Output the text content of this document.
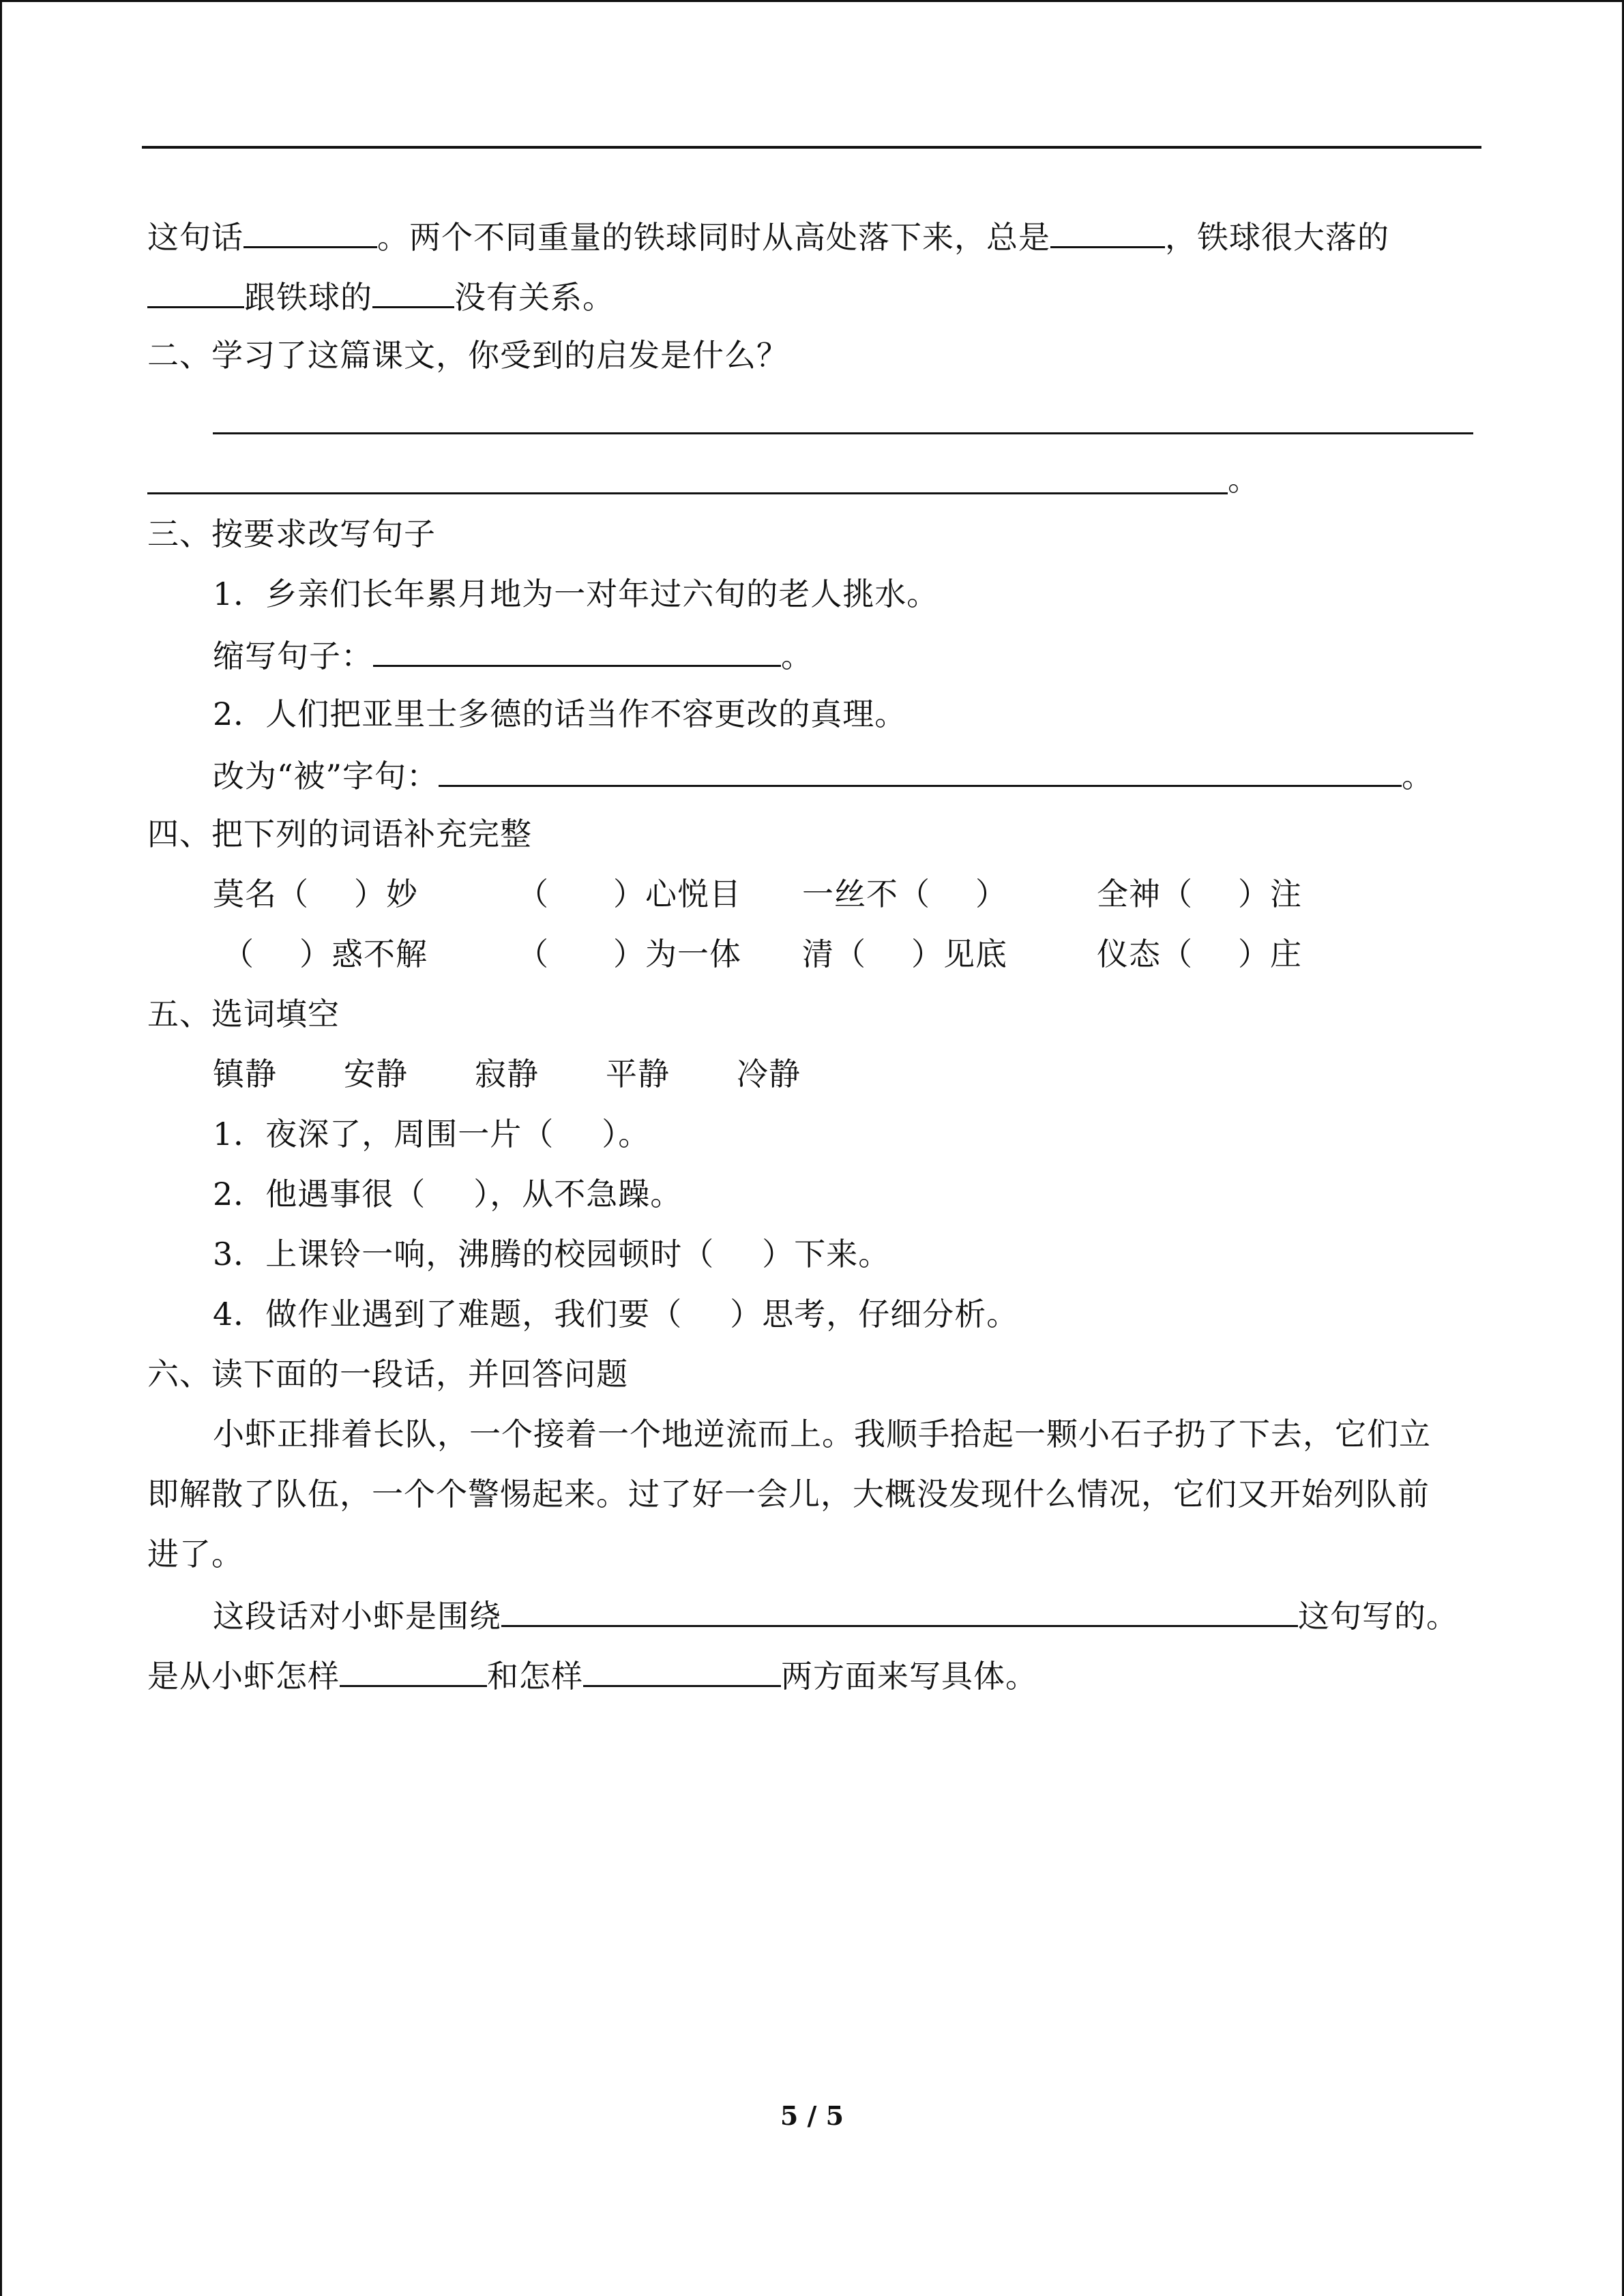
这句话	。两个不同重量的铁球同时从高处落下来，总是	，铁球很大落的
跟铁球的	没有关系。
二、学习了这篇课文，你受到的启发是什么？
。
三、按要求改写句子
1．乡亲们长年累月地为一对年过六旬的老人挑水。
缩写句子：	。
2．人们把亚里士多德的话当作不容更改的真理。
改为“被”字句：	。
四、把下列的词语补充完整
莫名（ ）妙	（ ）心悦目 一丝不（ ）	全神（ ）注
（ ）惑不解	（ ）为一体 清（ ）见底	仪态（ ）庄
五、选词填空
镇静 安静 寂静 平静 冷静
1．夜深了，周围一片（ ）。
2．他遇事很（ ），从不急躁。
3．上课铃一响，沸腾的校园顿时（ ）下来。
4．做作业遇到了难题，我们要（ ）思考，仔细分析。
六、读下面的一段话，并回答问题
小虾正排着长队，一个接着一个地逆流而上。我顺手拾起一颗小石子扔了下去，它们立
即解散了队伍，一个个警惕起来。过了好一会儿，大概没发现什么情况，它们又开始列队前
进了。
这段话对小虾是围绕	这句写的。
是从小虾怎样	和怎样	两方面来写具体。
5 / 5
